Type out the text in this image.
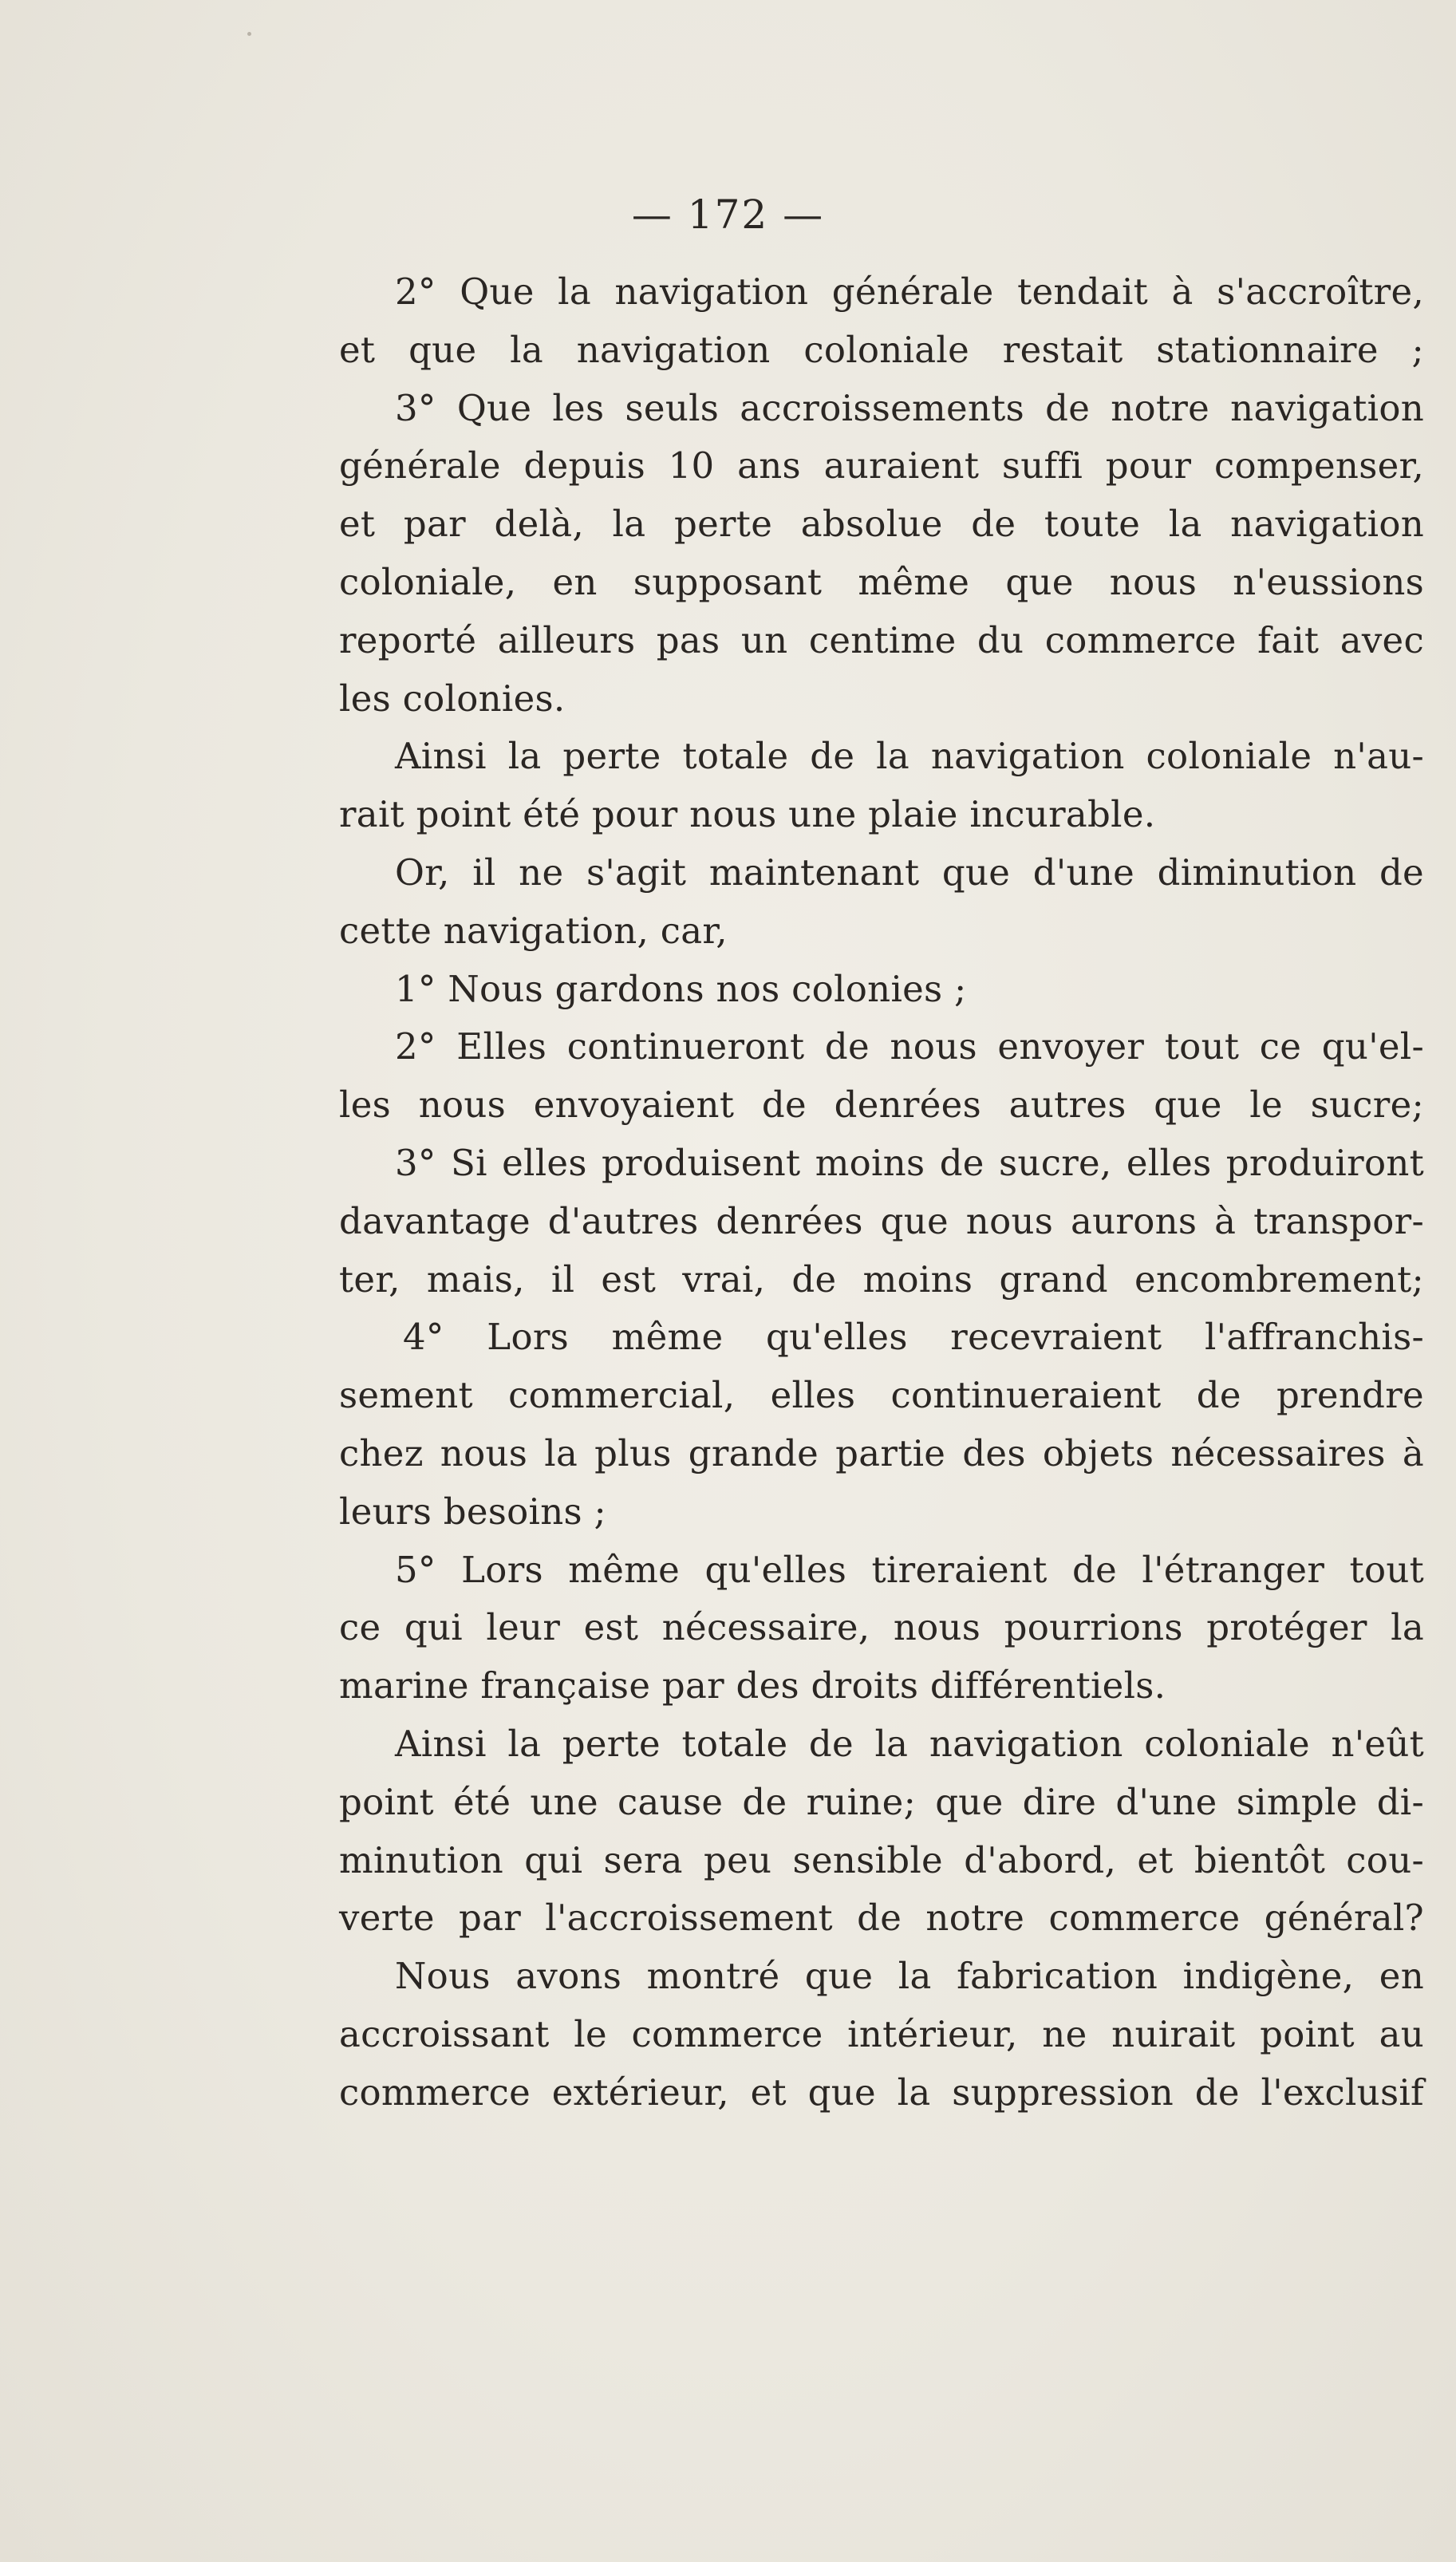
— 172 —
2° Que la navigation générale tendait à s'accroître,
et que la navigation coloniale restait stationnaire ;
3° Que les seuls accroissements de notre navigation
générale depuis 10 ans auraient suffi pour compenser,
et par delà, la perte absolue de toute la navigation
coloniale, en supposant même que nous n'eussions
reporté ailleurs pas un centime du commerce fait avec
les colonies.
Ainsi la perte totale de la navigation coloniale n'au-
rait point été pour nous une plaie incurable.
Or, il ne s'agit maintenant que d'une diminution de
cette navigation, car,
1° Nous gardons nos colonies ;
2° Elles continueront de nous envoyer tout ce qu'el-
les nous envoyaient de denrées autres que le sucre;
3° Si elles produisent moins de sucre, elles produiront
davantage d'autres denrées que nous aurons à transpor-
ter, mais, il est vrai, de moins grand encombrement;
4° Lors même qu'elles recevraient l'affranchis-
sement commercial, elles continueraient de prendre
chez nous la plus grande partie des objets nécessaires à
leurs besoins ;
5° Lors même qu'elles tireraient de l'étranger tout
ce qui leur est nécessaire, nous pourrions protéger la
marine française par des droits différentiels.
Ainsi la perte totale de la navigation coloniale n'eût
point été une cause de ruine; que dire d'une simple di-
minution qui sera peu sensible d'abord, et bientôt cou-
verte par l'accroissement de notre commerce général?
Nous avons montré que la fabrication indigène, en
accroissant le commerce intérieur, ne nuirait point au
commerce extérieur, et que la suppression de l'exclusif
